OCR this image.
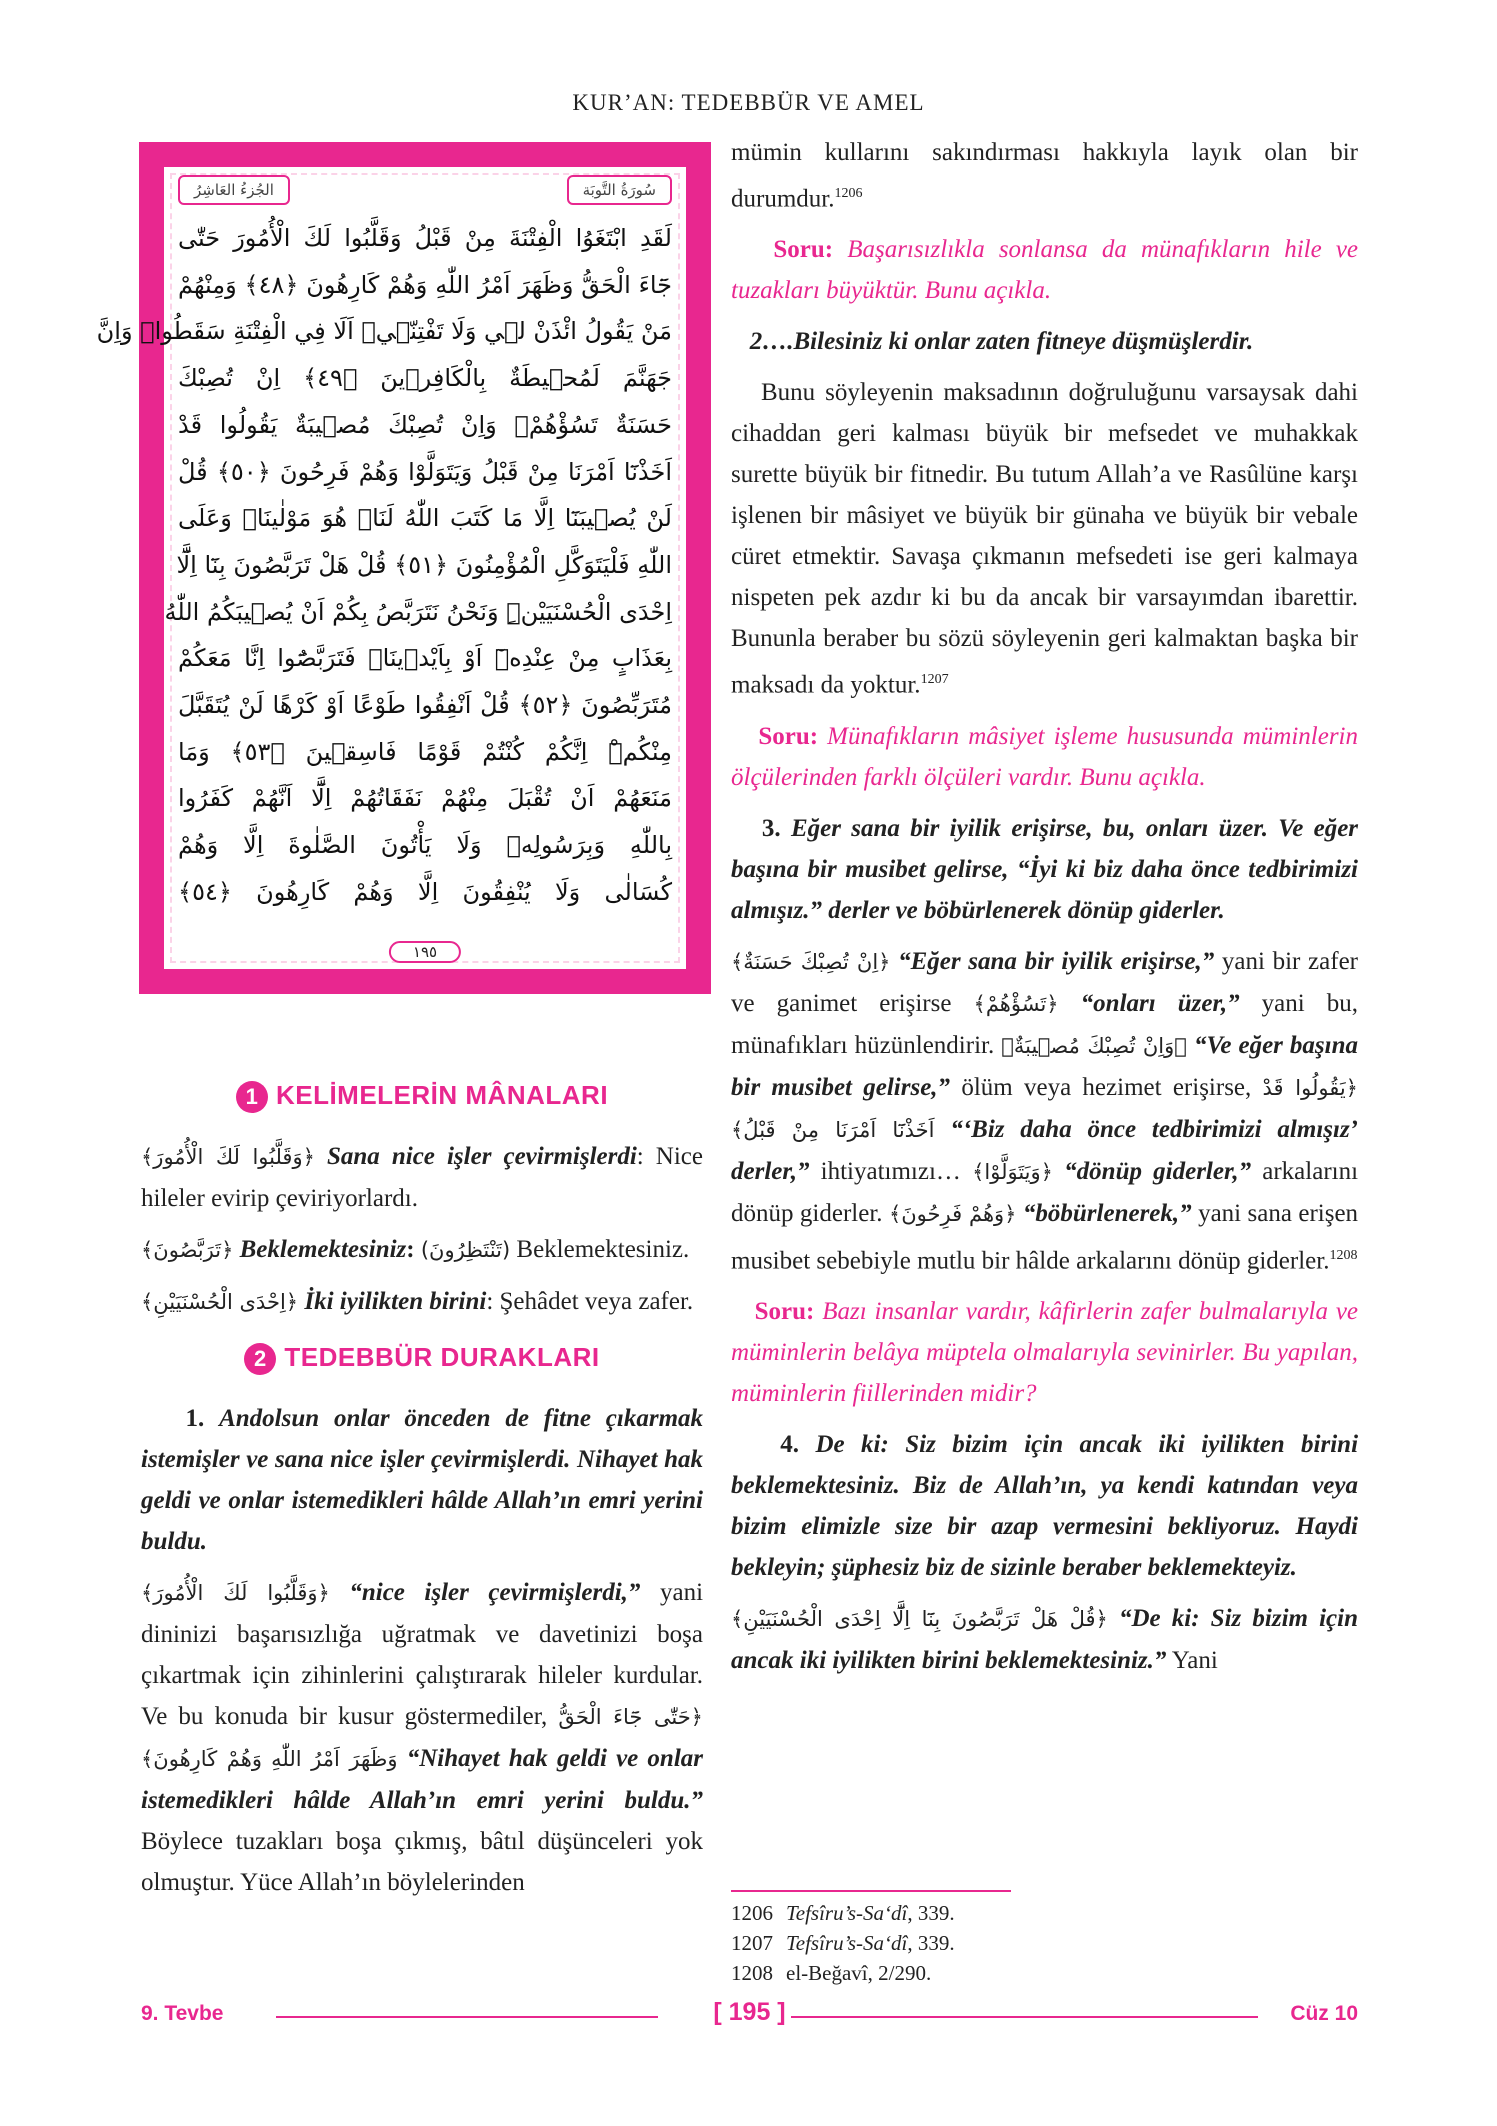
KUR’AN: TEDEBBÜR VE AMEL
سُورَةُ التَّوبَة
الجُزءُ العَاشِرُ
لَقَدِ ابْتَغَوُا الْفِتْنَةَ مِنْ قَبْلُ وَقَلَّبُوا لَكَ الْأُمُورَ حَتّٰى
جَٓاءَ الْحَقُّ وَظَهَرَ اَمْرُ اللّٰهِ وَهُمْ كَارِهُونَ ﴿٤٨﴾ وَمِنْهُمْ
مَنْ يَقُولُ ائْذَنْ لٖي وَلَا تَفْتِنّٖيۜ اَلَا فِي الْفِتْنَةِ سَقَطُواۜ وَاِنَّ
جَهَنَّمَ لَمُحٖيطَةٌ بِالْكَافِرٖينَ ﴿٤٩﴾ اِنْ تُصِبْكَ
حَسَنَةٌ تَسُؤْهُمْۚ وَاِنْ تُصِبْكَ مُصٖيبَةٌ يَقُولُوا قَدْ
اَخَذْنَٓا اَمْرَنَا مِنْ قَبْلُ وَيَتَوَلَّوْا وَهُمْ فَرِحُونَ ﴿٥٠﴾ قُلْ
لَنْ يُصٖيبَنَٓا اِلَّا مَا كَتَبَ اللّٰهُ لَنَاۚ هُوَ مَوْلٰينَاۚ وَعَلَى
اللّٰهِ فَلْيَتَوَكَّلِ الْمُؤْمِنُونَ ﴿٥١﴾ قُلْ هَلْ تَرَبَّصُونَ بِنَٓا اِلَّٓا
اِحْدَى الْحُسْنَيَيْنِۜ وَنَحْنُ نَتَرَبَّصُ بِكُمْ اَنْ يُصٖيبَكُمُ اللّٰهُ
بِعَذَابٍ مِنْ عِنْدِهٖٓ اَوْ بِاَيْدٖينَاۘ فَتَرَبَّصُٓوا اِنَّا مَعَكُمْ
مُتَرَبِّصُونَ ﴿٥٢﴾ قُلْ اَنْفِقُوا طَوْعًا اَوْ كَرْهًا لَنْ يُتَقَبَّلَ
مِنْكُمْۜ اِنَّكُمْ كُنْتُمْ قَوْمًا فَاسِقٖينَ ﴿٥٣﴾ وَمَا
مَنَعَهُمْ اَنْ تُقْبَلَ مِنْهُمْ نَفَقَاتُهُمْ اِلَّٓا اَنَّهُمْ كَفَرُوا
بِاللّٰهِ وَبِرَسُولِهٖ وَلَا يَأْتُونَ الصَّلٰوةَ اِلَّا وَهُمْ
كُسَالٰى وَلَا يُنْفِقُونَ اِلَّا وَهُمْ كَارِهُونَ ﴿٥٤﴾
١٩٥
1 KELİMELERİN MÂNALARI

﴿وَقَلَّبُوا لَكَ الْأُمُورَ﴾ Sana nice işler çevirmişlerdi: Nice hileler evirip çeviriyorlardı.

﴿تَرَبَّصُونَ﴾ Beklemektesiniz: (تَنْتَظِرُونَ) Beklemektesiniz.

﴿اِحْدَى الْحُسْنَيَيْنِ﴾ İki iyilikten birini: Şehâdet veya zafer.

2 TEDEBBÜR DURAKLARI

1. Andolsun onlar önceden de fitne çıkarmak istemişler ve sana nice işler çevirmişlerdi. Nihayet hak geldi ve onlar istemedikleri hâlde Allah’ın emri yerini buldu.

﴿وَقَلَّبُوا لَكَ الْأُمُورَ﴾ “nice işler çevirmişlerdi,” yani dininizi başarısızlığa uğratmak ve davetinizi boşa çıkartmak için zihinlerini çalıştırarak hileler kurdular. Ve bu konuda bir kusur göstermediler, ﴿حَتّٰى جَٓاءَ الْحَقُّ وَظَهَرَ اَمْرُ اللّٰهِ وَهُمْ كَارِهُونَ﴾	“Nihayet hak geldi ve onlar istemedikleri hâlde Allah’ın emri yerini buldu.” Böylece tuzakları boşa çıkmış, bâtıl düşünceleri yok olmuştur. Yüce Allah’ın böylelerinden

mümin kullarını sakındırması hakkıyla layık olan bir durumdur.$^{1206}$

Soru: Başarısızlıkla sonlansa da münafıkların hile ve tuzakları büyüktür. Bunu açıkla.

2….Bilesiniz ki onlar zaten fitneye düşmüşlerdir.

Bunu söyleyenin maksadının doğruluğunu varsaysak dahi cihaddan geri kalması büyük bir mefsedet ve muhakkak surette büyük bir fitnedir. Bu tutum Allah’a ve Rasûlüne karşı işlenen bir mâsiyet ve büyük bir günaha ve büyük bir vebale cüret etmektir. Savaşa çıkmanın mefsedeti ise geri kalmaya nispeten pek azdır ki bu da ancak bir varsayımdan ibarettir. Bununla beraber bu sözü söyleyenin geri kalmaktan başka bir maksadı da yoktur.$^{1207}$

Soru: Münafıkların mâsiyet işleme hususunda müminlerin ölçülerinden farklı ölçüleri vardır. Bunu açıkla.

3. Eğer sana bir iyilik erişirse, bu, onları üzer. Ve eğer başına bir musibet gelirse, “İyi ki biz daha önce tedbirimizi almışız.” derler ve böbürlenerek dönüp giderler.

﴿اِنْ تُصِبْكَ حَسَنَةٌ﴾ “Eğer sana bir iyilik erişirse,” yani bir zafer ve ganimet erişirse ﴿تَسُؤْهُمْ﴾ “onları üzer,” yani bu, münafıkları hüzünlendirir. ﴿وَاِنْ تُصِبْكَ مُصٖيبَةٌ﴾ “Ve eğer başına bir musibet gelirse,” ölüm veya hezimet erişirse, ﴿يَقُولُوا قَدْ اَخَذْنَٓا اَمْرَنَا مِنْ قَبْلُ﴾ “‘Biz daha önce tedbirimizi almışız’ derler,” ihtiyatımızı… ﴿وَيَتَوَلَّوْا﴾ “dönüp giderler,” arkalarını dönüp giderler. ﴿وَهُمْ فَرِحُونَ﴾ “böbürlenerek,” yani sana erişen musibet sebebiyle mutlu bir hâlde arkalarını dönüp giderler.$^{1208}$

Soru: Bazı insanlar vardır, kâfirlerin zafer bulmalarıyla ve müminlerin belâya müptela olmalarıyla sevinirler. Bu yapılan, müminlerin fiillerinden midir?

4. De ki: Siz bizim için ancak iki iyilikten birini beklemektesiniz. Biz de Allah’ın, ya kendi katından veya bizim elimizle size bir azap vermesini bekliyoruz. Haydi bekleyin; şüphesiz biz de sizinle beraber beklemekteyiz.

﴿قُلْ هَلْ تَرَبَّصُونَ بِنَٓا اِلَّٓا اِحْدَى الْحُسْنَيَيْنِ﴾ “De ki: Siz bizim için ancak iki iyilikten birini beklemektesiniz.” Yani

1206 Tefsîru’s-Sa‘dî, 339.
1207 Tefsîru’s-Sa‘dî, 339.
1208 el-Beğavî, 2/290.
9. Tevbe	[ 195 ]	Cüz 10
